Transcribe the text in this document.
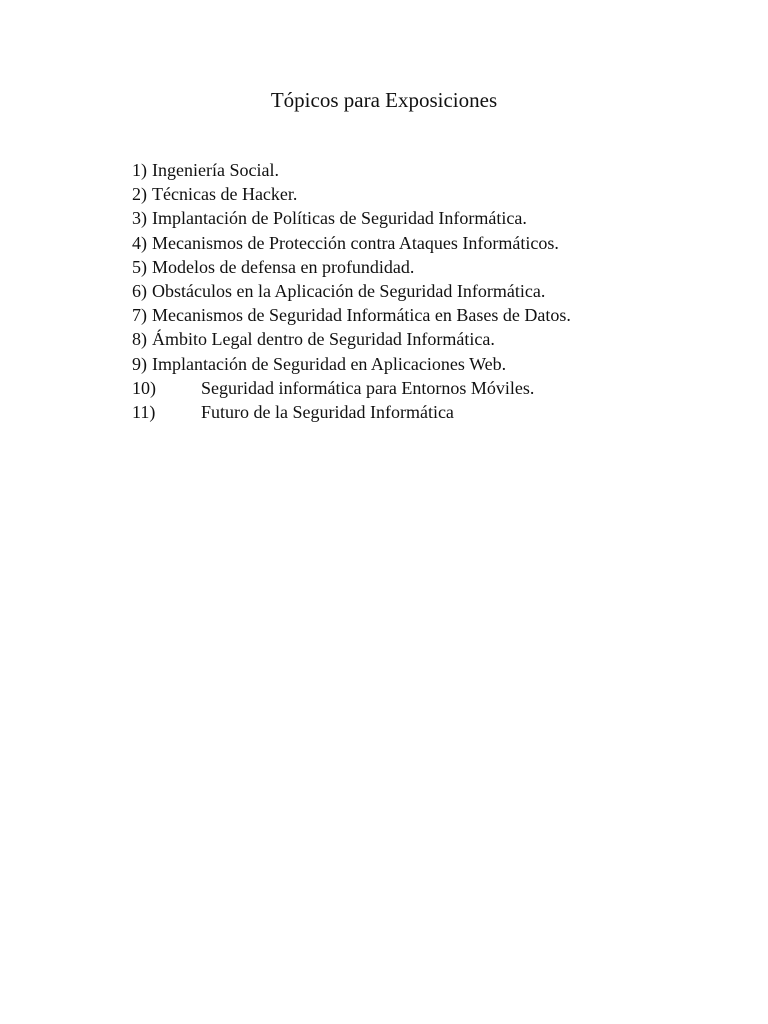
Tópicos para Exposiciones
1) Ingeniería Social.
2) Técnicas de Hacker.
3) Implantación de Políticas de Seguridad Informática.
4) Mecanismos de Protección contra Ataques Informáticos.
5) Modelos de defensa en profundidad.
6) Obstáculos en la Aplicación de Seguridad Informática.
7) Mecanismos de Seguridad Informática en Bases de Datos.
8) Ámbito Legal dentro de Seguridad Informática.
9) Implantación de Seguridad en Aplicaciones Web.
10)	Seguridad informática para Entornos Móviles.
11)	Futuro de la Seguridad Informática
